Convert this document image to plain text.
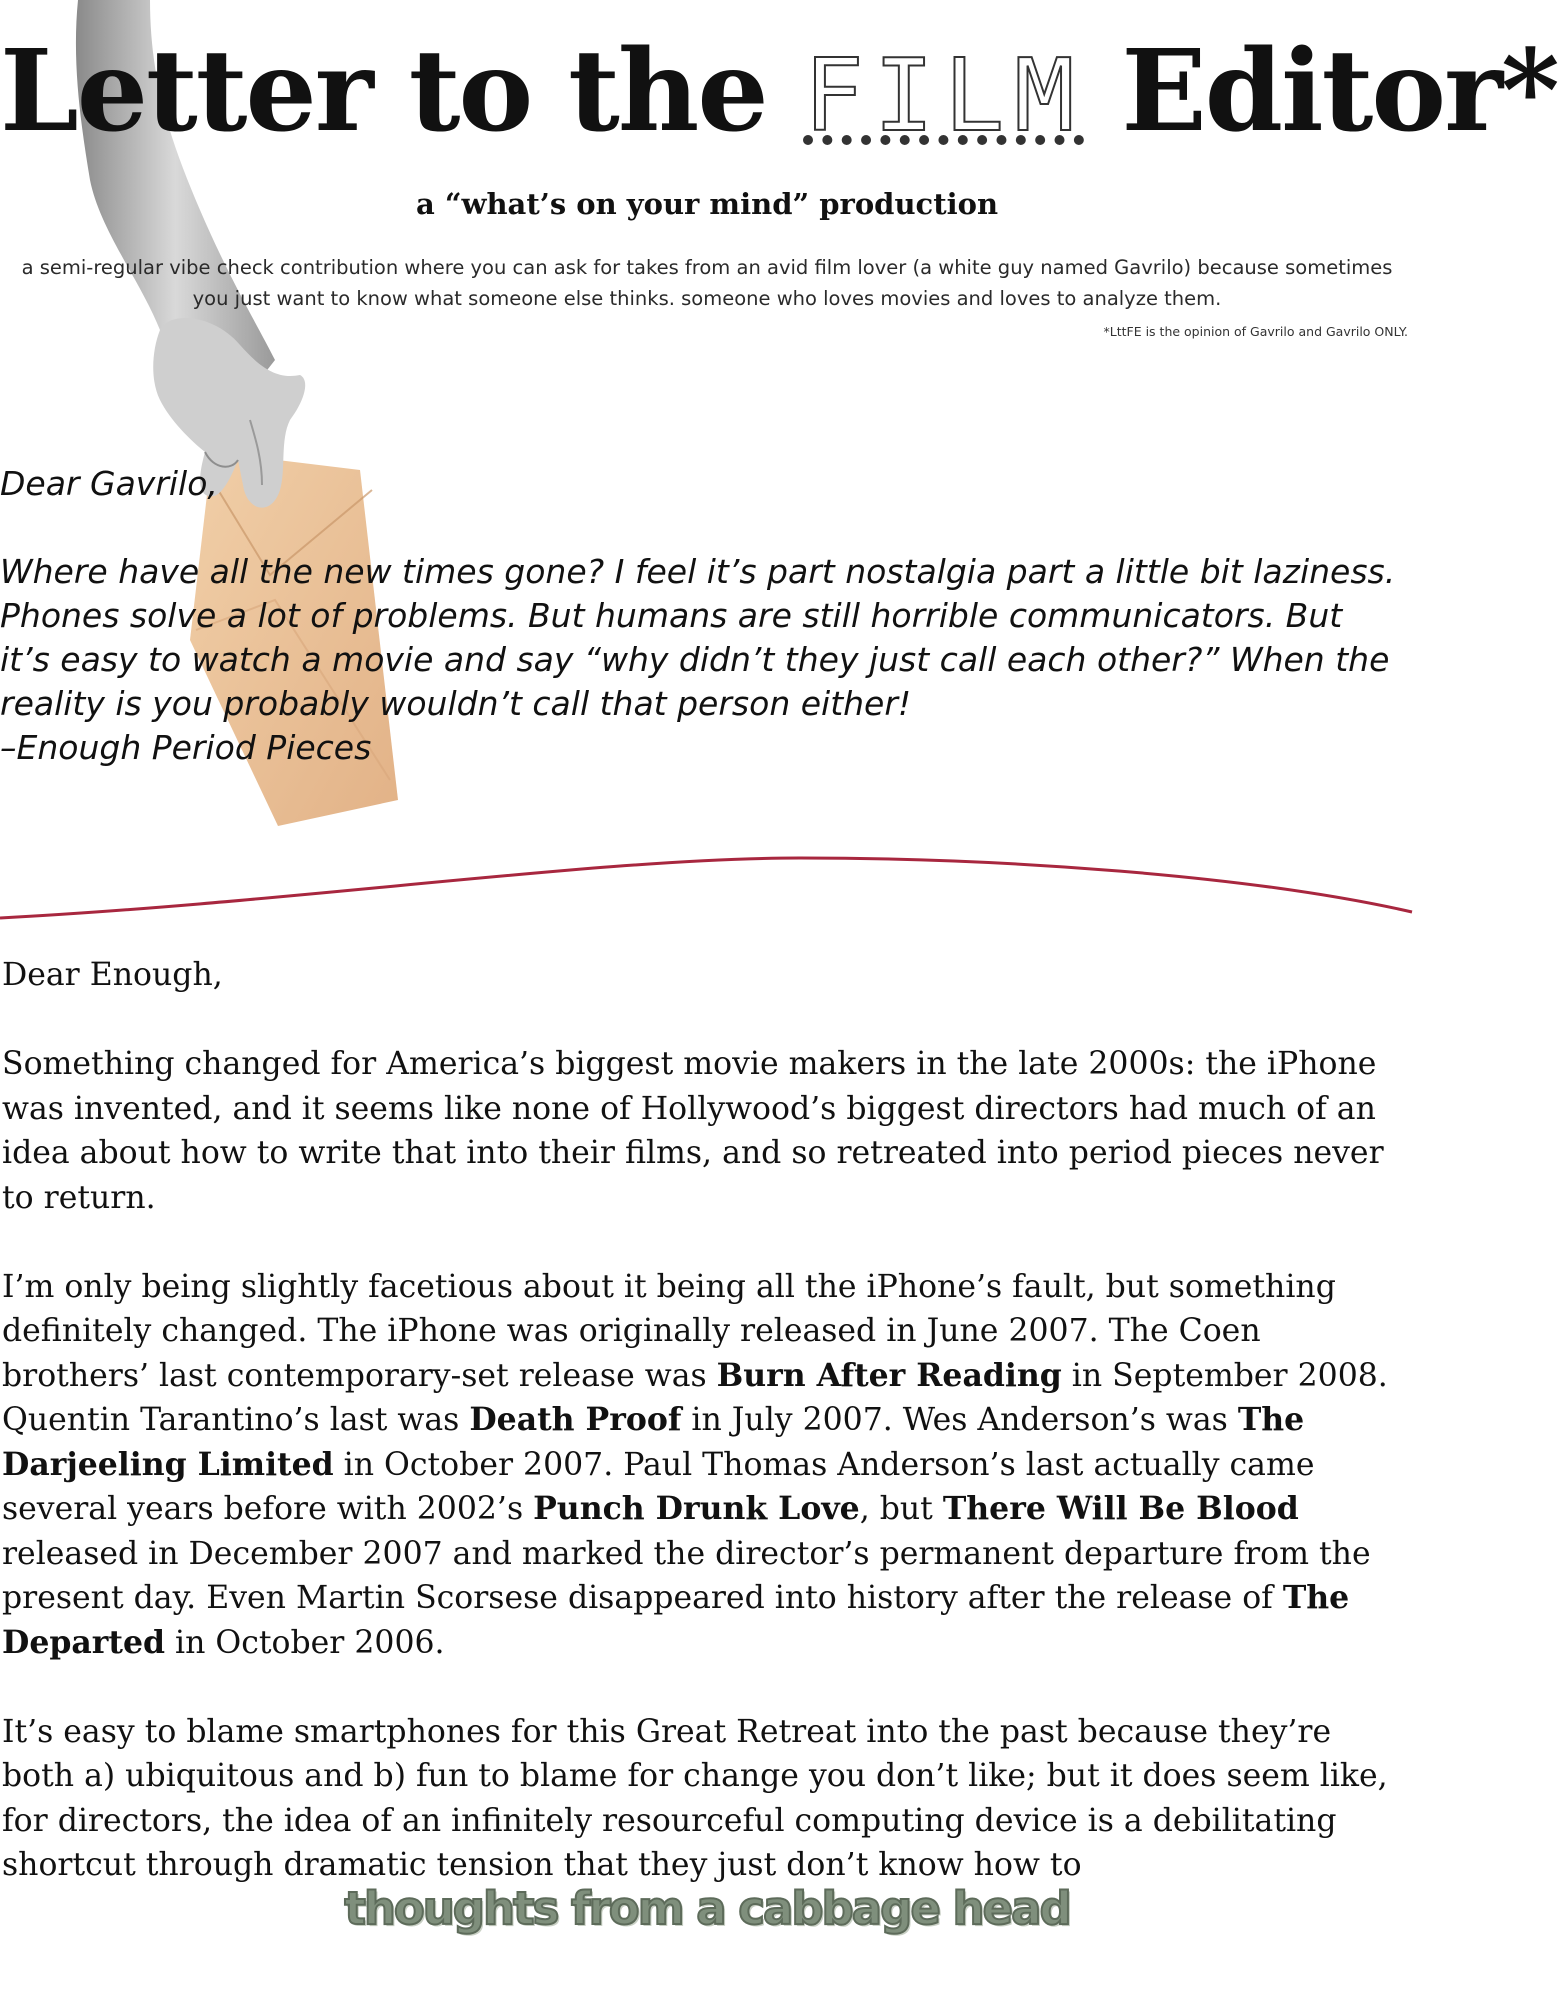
Letter to the FILM Editor*

a “what’s on your mind” production

a semi-regular vibe check contribution where you can ask for takes from an avid film lover (a white guy named Gavrilo) because sometimes you just want to know what someone else thinks. someone who loves movies and loves to analyze them.

*LttFE is the opinion of Gavrilo and Gavrilo ONLY.

Dear Gavrilo,
Where have all the new times gone? I feel it’s part nostalgia part a little bit laziness. Phones solve a lot of problems. But humans are still horrible communicators. But it’s easy to watch a movie and say “why didn’t they just call each other?” When the reality is you probably wouldn’t call that person either!
–Enough Period Pieces

Dear Enough,

Something changed for America’s biggest movie makers in the late 2000s: the iPhone was invented, and it seems like none of Hollywood’s biggest directors had much of an idea about how to write that into their films, and so retreated into period pieces never to return.

I’m only being slightly facetious about it being all the iPhone’s fault, but something definitely changed. The iPhone was originally released in June 2007. The Coen brothers’ last contemporary-set release was Burn After Reading in September 2008. Quentin Tarantino’s last was Death Proof in July 2007. Wes Anderson’s was The Darjeeling Limited in October 2007. Paul Thomas Anderson’s last actually came several years before with 2002’s Punch Drunk Love, but There Will Be Blood released in December 2007 and marked the director’s permanent departure from the present day. Even Martin Scorsese disappeared into history after the release of The Departed in October 2006.

It’s easy to blame smartphones for this Great Retreat into the past because they’re both a) ubiquitous and b) fun to blame for change you don’t like; but it does seem like, for directors, the idea of an infinitely resourceful computing device is a debilitating shortcut through dramatic tension that they just don’t know how to

thoughts from a cabbage head
